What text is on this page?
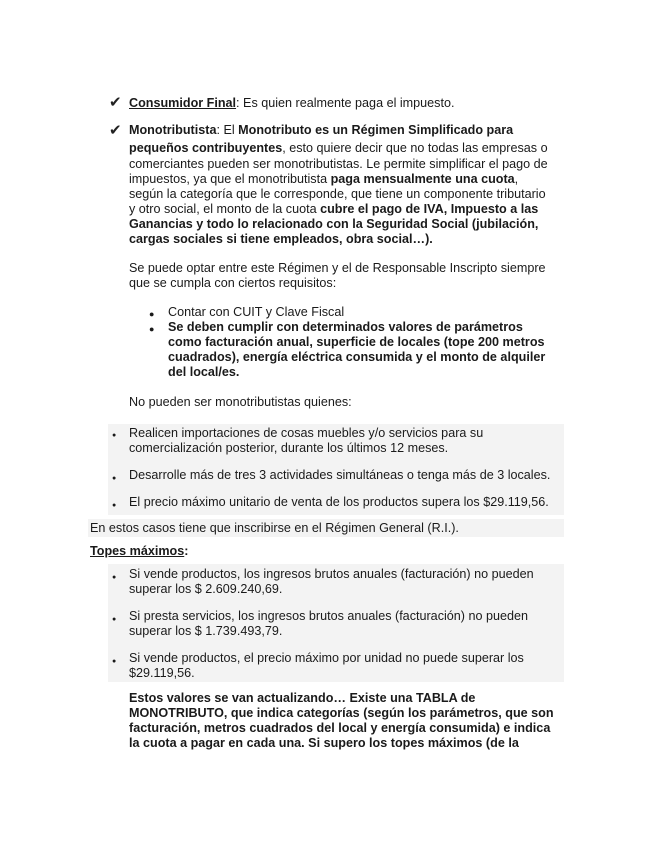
✔ Consumidor Final: Es quien realmente paga el impuesto.
✔ Monotributista: El Monotributo es un Régimen Simplificado para
pequeños contribuyentes, esto quiere decir que no todas las empresas o
comerciantes pueden ser monotributistas. Le permite simplificar el pago de
impuestos, ya que el monotributista paga mensualmente una cuota,
según la categoría que le corresponde, que tiene un componente tributario
y otro social, el monto de la cuota cubre el pago de IVA, Impuesto a las
Ganancias y todo lo relacionado con la Seguridad Social (jubilación,
cargas sociales si tiene empleados, obra social…).
Se puede optar entre este Régimen y el de Responsable Inscripto siempre
que se cumpla con ciertos requisitos:
● Contar con CUIT y Clave Fiscal
● Se deben cumplir con determinados valores de parámetros
como facturación anual, superficie de locales (tope 200 metros
cuadrados), energía eléctrica consumida y el monto de alquiler
del local/es.
No pueden ser monotributistas quienes:
● Realicen importaciones de cosas muebles y/o servicios para su
comercialización posterior, durante los últimos 12 meses.
● Desarrolle más de tres 3 actividades simultáneas o tenga más de 3 locales.
● El precio máximo unitario de venta de los productos supera los $29.119,56.
En estos casos tiene que inscribirse en el Régimen General (R.I.).
Topes máximos:
● Si vende productos, los ingresos brutos anuales (facturación) no pueden
superar los $ 2.609.240,69.
● Si presta servicios, los ingresos brutos anuales (facturación) no pueden
superar los $ 1.739.493,79.
● Si vende productos, el precio máximo por unidad no puede superar los
$29.119,56.
Estos valores se van actualizando… Existe una TABLA de
MONOTRIBUTO, que indica categorías (según los parámetros, que son
facturación, metros cuadrados del local y energía consumida) e indica
la cuota a pagar en cada una. Si supero los topes máximos (de la
